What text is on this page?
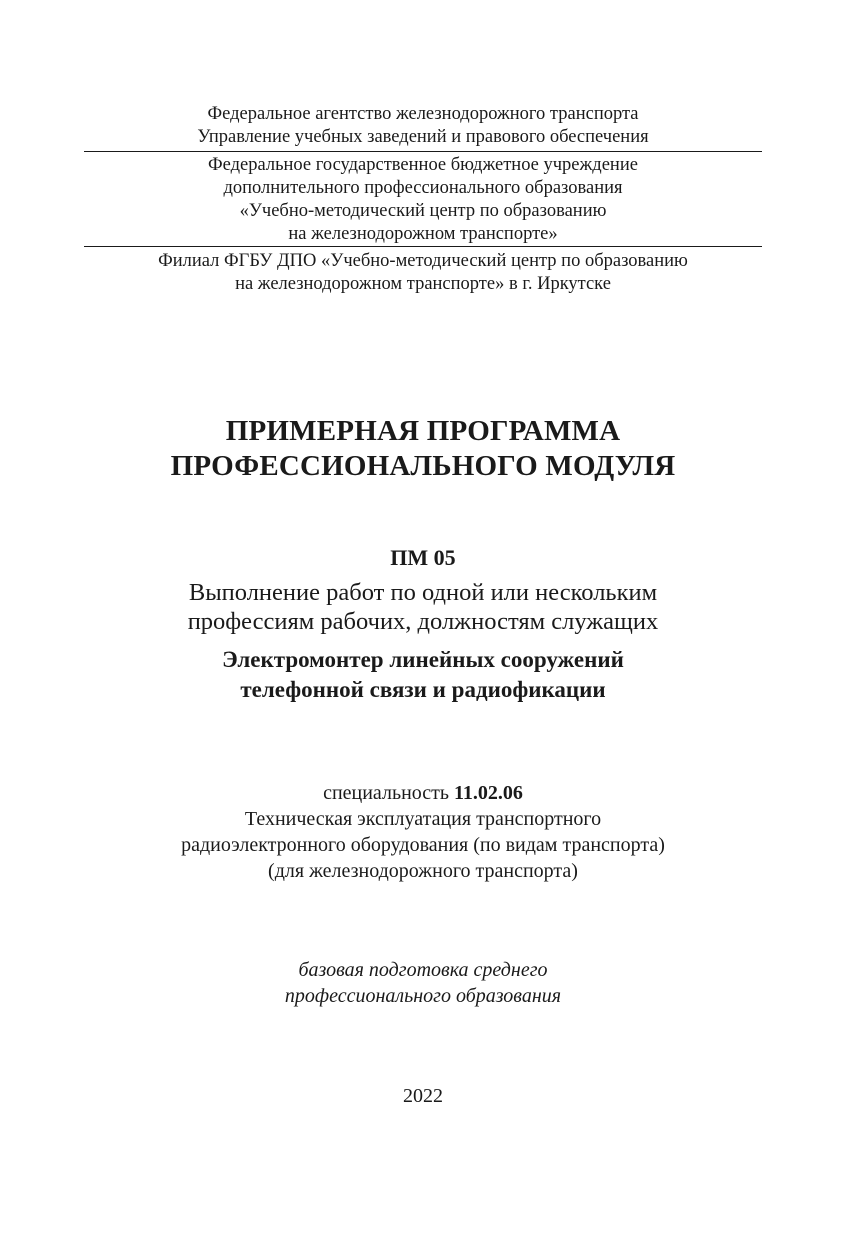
Федеральное агентство железнодорожного транспорта
Управление учебных заведений и правового обеспечения
Федеральное государственное бюджетное учреждение
дополнительного профессионального образования
«Учебно-методический центр по образованию
на железнодорожном транспорте»
Филиал ФГБУ ДПО «Учебно-методический центр по образованию
на железнодорожном транспорте» в г. Иркутске
ПРИМЕРНАЯ ПРОГРАММА
ПРОФЕССИОНАЛЬНОГО МОДУЛЯ
ПМ 05
Выполнение работ по одной или нескольким
профессиям рабочих, должностям служащих
Электромонтер линейных сооружений
телефонной связи и радиофикации
специальность 11.02.06
Техническая эксплуатация транспортного
радиоэлектронного оборудования (по видам транспорта)
(для железнодорожного транспорта)
базовая подготовка среднего
профессионального образования
2022
